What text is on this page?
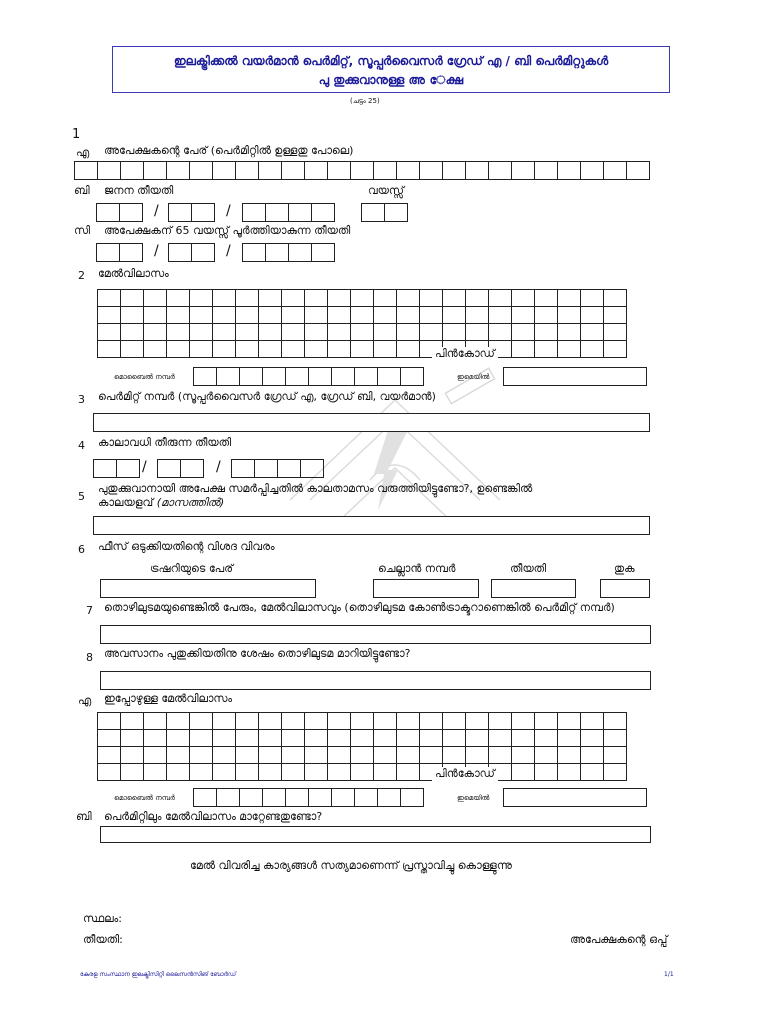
ഇലക്ട്രിക്കൽ വയർമാൻ പെർമിറ്റ്, സൂപ്പർവൈസർ ഗ്രേഡ് എ / ബി പെർമിറ്റുകൾ
പു തുക്കുവാനുള്ള അ േക്ഷ
(ചട്ടം 25)
1
എ അപേക്ഷകന്റെ പേര് (പെർമിറ്റിൽ ഉള്ളതു പോലെ)
ബി ജനന തീയതി	വയസ്സ്
/	/
സി അപേക്ഷകന് 65 വയസ്സ് പൂർത്തിയാകുന്ന തീയതി
/	/
2 മേൽവിലാസം

പിൻകോഡ്
മൊബൈൽ നമ്പർ	ഇമെയിൽ
3 പെർമിറ്റ് നമ്പർ (സൂപ്പർവൈസർ ഗ്രേഡ് എ, ഗ്രേഡ് ബി, വയർമാൻ)
4 കാലാവധി തീരുന്ന തീയതി
/	/
5
പുതുക്കുവാനായി അപേക്ഷ സമർപ്പിച്ചതിൽ കാലതാമസം വരുത്തിയിട്ടുണ്ടോ?, ഉണ്ടെങ്കിൽ
കാലയളവ് (മാസത്തിൽ)
6 ഫീസ് ഒടുക്കിയതിന്റെ വിശദ വിവരം
ട്രഷറിയുടെ പേര്	ചെല്ലാൻ നമ്പർ	തീയതി	തുക
7 തൊഴിലുടമയുണ്ടെങ്കിൽ പേരും, മേൽവിലാസവും (തൊഴിലുടമ കോൺട്രാക്ടറാണെങ്കിൽ പെർമിറ്റ് നമ്പർ)
8 അവസാനം പുതുക്കിയതിനു ശേഷം തൊഴിലുടമ മാറിയിട്ടുണ്ടോ?
എ ഇപ്പോഴുള്ള മേൽവിലാസം

പിൻകോഡ്
മൊബൈൽ നമ്പർ	ഇമെയിൽ
ബി പെർമിറ്റിലും മേൽവിലാസം മാറ്റേണ്ടതുണ്ടോ?
മേൽ വിവരിച്ച കാര്യങ്ങൾ സത്യമാണെന്ന് പ്രസ്താവിച്ചു കൊള്ളുന്നു
സ്ഥലം:
തീയതി:	അപേക്ഷകന്റെ ഒപ്പ്
കേരള സംസ്ഥാന ഇലക്ട്രിസിറ്റി ലൈസൻസിങ് ബോർഡ്	1/1
